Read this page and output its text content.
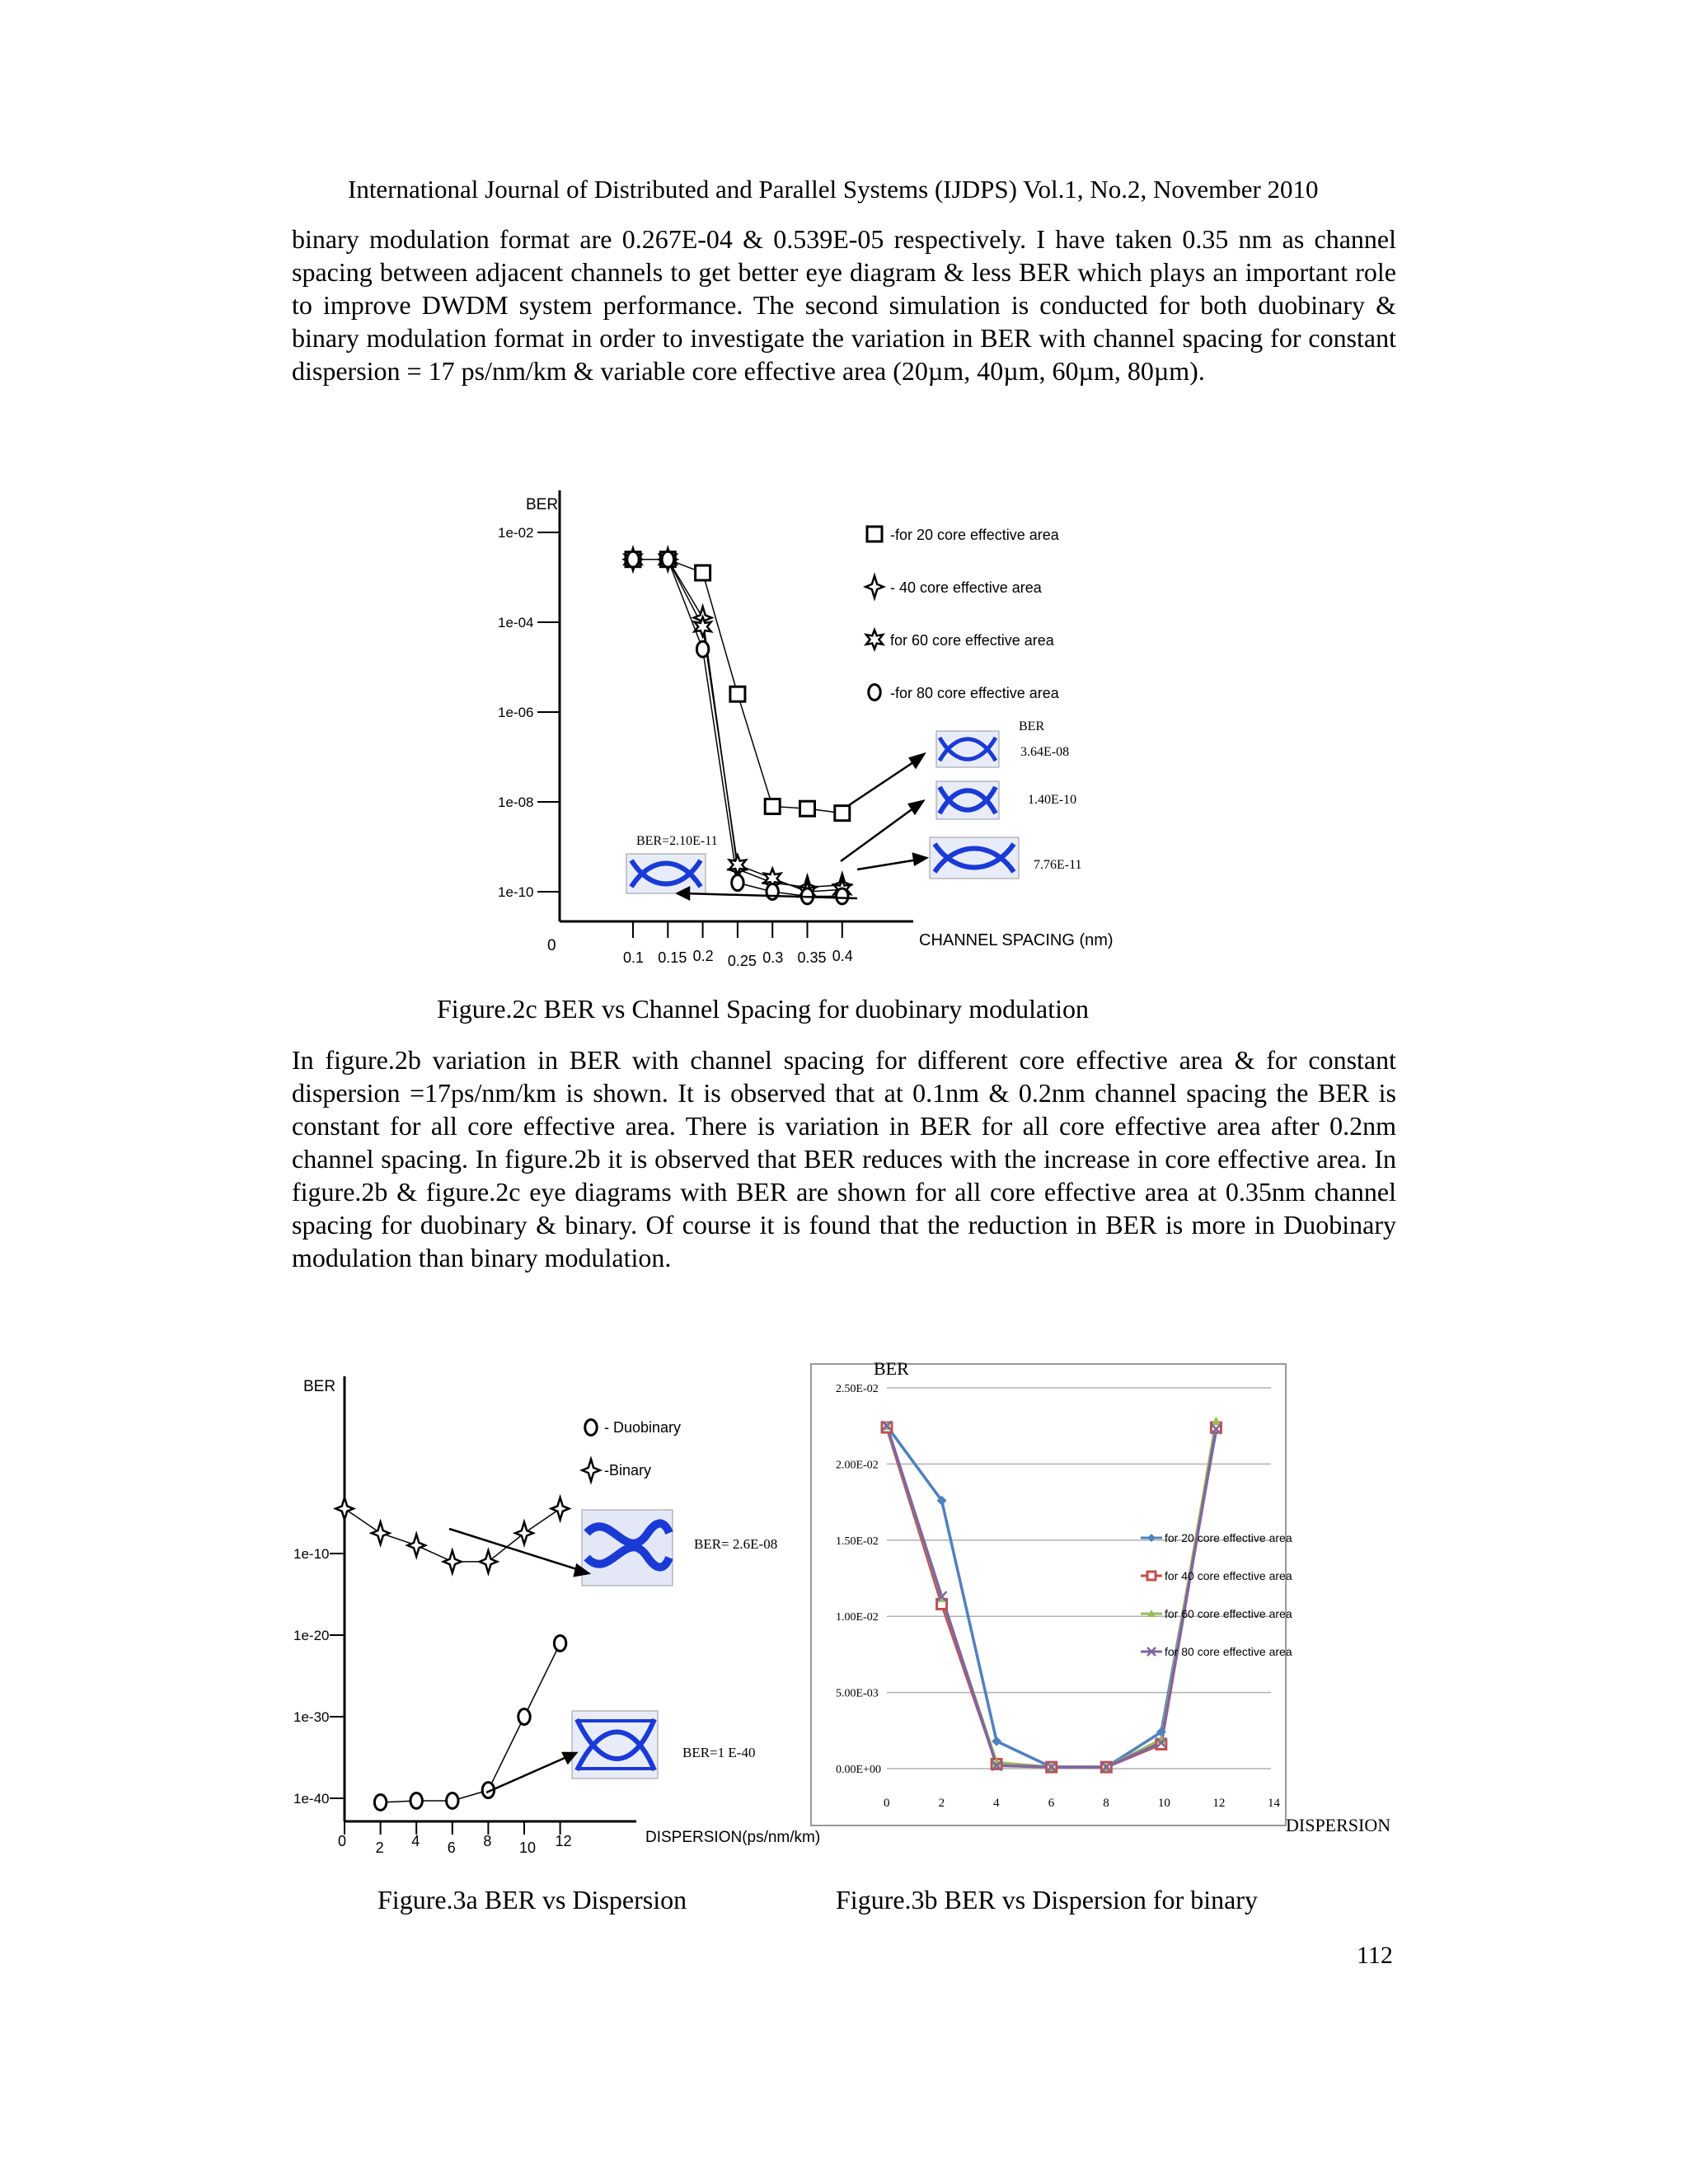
International Journal of Distributed and Parallel Systems (IJDPS) Vol.1, No.2, November 2010

binary modulation format are 0.267E-04 & 0.539E-05 respectively. I have taken 0.35 nm as channel spacing between adjacent channels to get better eye diagram & less BER which plays an important role to improve DWDM system performance. The second simulation is conducted for both duobinary & binary modulation format in order to investigate the variation in BER with channel spacing for constant dispersion = 17 ps/nm/km & variable core effective area (20µm, 40µm, 60µm, 80µm).

BER
0	CHANNEL SPACING (nm)
1e-02
1e-04
1e-06
1e-08
1e-10
0.1 0.15 0.2 0.25 0.3 0.35 0.4
-for 20 core effective area
- 40 core effective area
for 60 core effective area
-for 80 core effective area
BER
3.64E-08
1.40E-10
7.76E-11
BER=2.10E-11
Figure.2c BER vs Channel Spacing for duobinary modulation

In figure.2b variation in BER with channel spacing for different core effective area & for constant dispersion =17ps/nm/km is shown. It is observed that at 0.1nm & 0.2nm channel spacing the BER is constant for all core effective area. There is variation in BER for all core effective area after 0.2nm channel spacing. In figure.2b it is observed that BER reduces with the increase in core effective area. In figure.2b & figure.2c eye diagrams with BER are shown for all core effective area at 0.35nm channel spacing for duobinary & binary. Of course it is found that the reduction in BER is more in Duobinary modulation than binary modulation.

BER
DISPERSION(ps/nm/km)
1e-10
1e-20
1e-30
1e-40
0 2 4 6 8 10 12
- Duobinary
-Binary
BER= 2.6E-08
BER=1 E-40
BER
DISPERSION
0.00E+00
5.00E-03
1.00E-02
1.50E-02
2.00E-02
2.50E-02
0	2	4	6	8	10	12	14
for 20 core effective area
for 40 core effective area
for 60 core effective area
for 80 core effective area
Figure.3a BER vs Dispersion	Figure.3b BER vs Dispersion for binary
112
